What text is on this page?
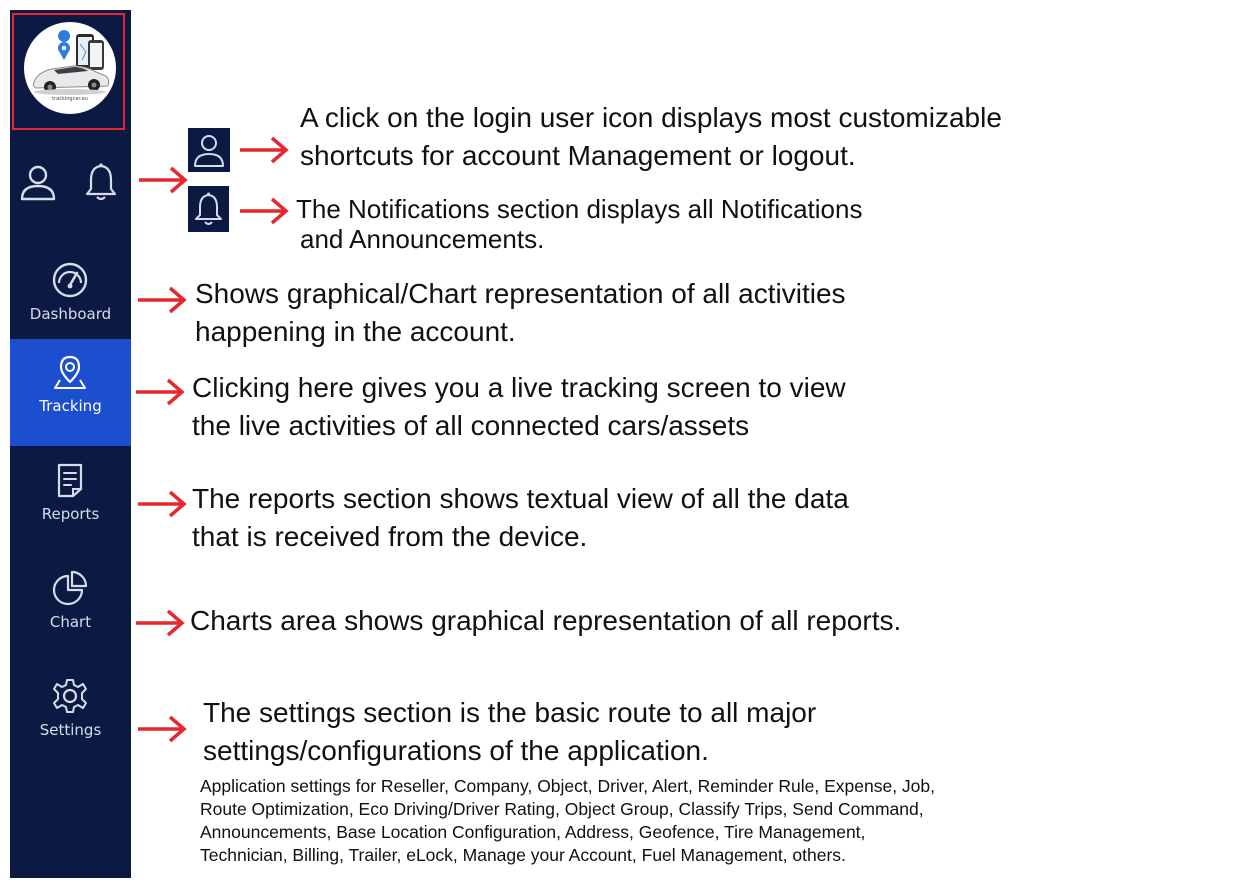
trackingcar.eu
Dashboard
Tracking
Reports
Chart
Settings
A click on the login user icon displays most customizable
shortcuts for account Management or logout.
The Notifications section displays all Notifications
and Announcements.
Shows graphical/Chart representation of all activities
happening in the account.
Clicking here gives you a live tracking screen to view
the live activities of all connected cars/assets
The reports section shows textual view of all the data
that is received from the device.
Charts area shows graphical representation of all reports.
The settings section is the basic route to all major
settings/configurations of the application.
Application settings for Reseller, Company, Object, Driver, Alert, Reminder Rule, Expense, Job,
Route Optimization, Eco Driving/Driver Rating, Object Group, Classify Trips, Send Command,
Announcements, Base Location Configuration, Address, Geofence, Tire Management,
Technician, Billing, Trailer, eLock, Manage your Account, Fuel Management, others.
